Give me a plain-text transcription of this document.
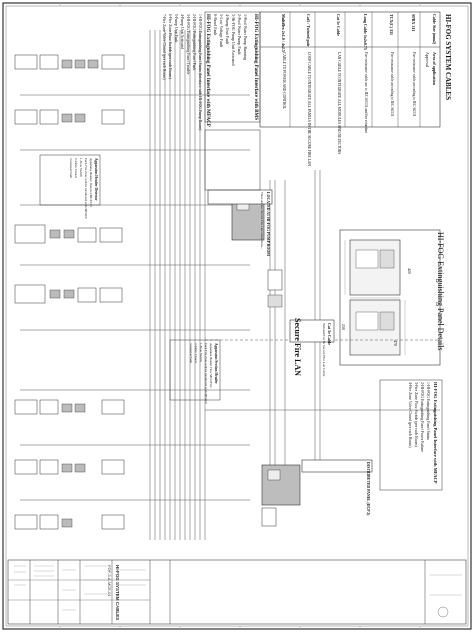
HI-FOG SYSTEM CABLES
Cable Size (mm2)
Area of application
Approval
SPRX 311
Fire resistance cable according to IEC 60331
TCX(C) 331
Fire resistance cable according to IEC 60331
Long Cable 1x2x0.75
Fire resistance cable acc to IEC 60331 and fire retardant
Cat 5e Cable
LAN CABLE TO INTEGRATE ALL MODULES AND DETECTORS
Cat5 / Twisted pair
LOOP CABLE TO INTEGRATE ALL PANELS IN THE SECURE FIRE LAN
Multiflex 2x1.0 / 4x2.5
CABLE TO POWER AND CONTROL
HI-FOG Extinguishing Panel Interface with BMS
1-Pool Water Pump Running
2-Pool Water Pump Fault
3-Hi-FOG Pump Unit Activated
4-Pump Unit Fault
5-Low Voltage Fault
6-Panel Fault
HI-FOG Extinguishing Panel Interface with MFACP
1-HI-FOG Extinguishing Panel Status (Interface with HI-FOG Pump Room)
2-HI-FOG Extinguishing Panel Fault
3-HI-FOG Extinguishing Panel Trouble
4-Pump Unit Activated
5-Pump Unit Fault
6-Fire Zone Flow Switch (per each Room)
7-Fire Zone Valve Closed (per each Room)
HI-FOG Extinguishing Panel Details
420
470
250
Secure Fire LAN	Cat 5e Cable
Twisted/Cat 5e Secure Fire Lan Cable
LOCATED AT HI-FOG PUMP ROOM
There are two Secure Fire Lan connections...
DISTRIBUTED PANEL (DCP 2)
HI-FOG Extinguishing Panel Interface with MFACP
1-HI-FOG Extinguishing Panel Status
2-HI-FOG Extinguishing Panel Power Failure
3-Fire Zone Flow Switch (per each Room)
4-Fire Zone Valve Closed (per each Room)
Apparatus Header Detector
Apparatus Header: Detector/MCP/CO
Each Fire Zone will be monitored with MFACP
1-Flow Switch
2-Valve Closed
3-General Fault
Apparatus Section Header
Apparatus Header Flow MCO/Fire
Each Fire Zone will be monitored with MFACP
1-Flow Switch
2-Valve Closed
3-General Fault
HI-FOG SYSTEM CABLES
FOF-3-A-MCE-01
